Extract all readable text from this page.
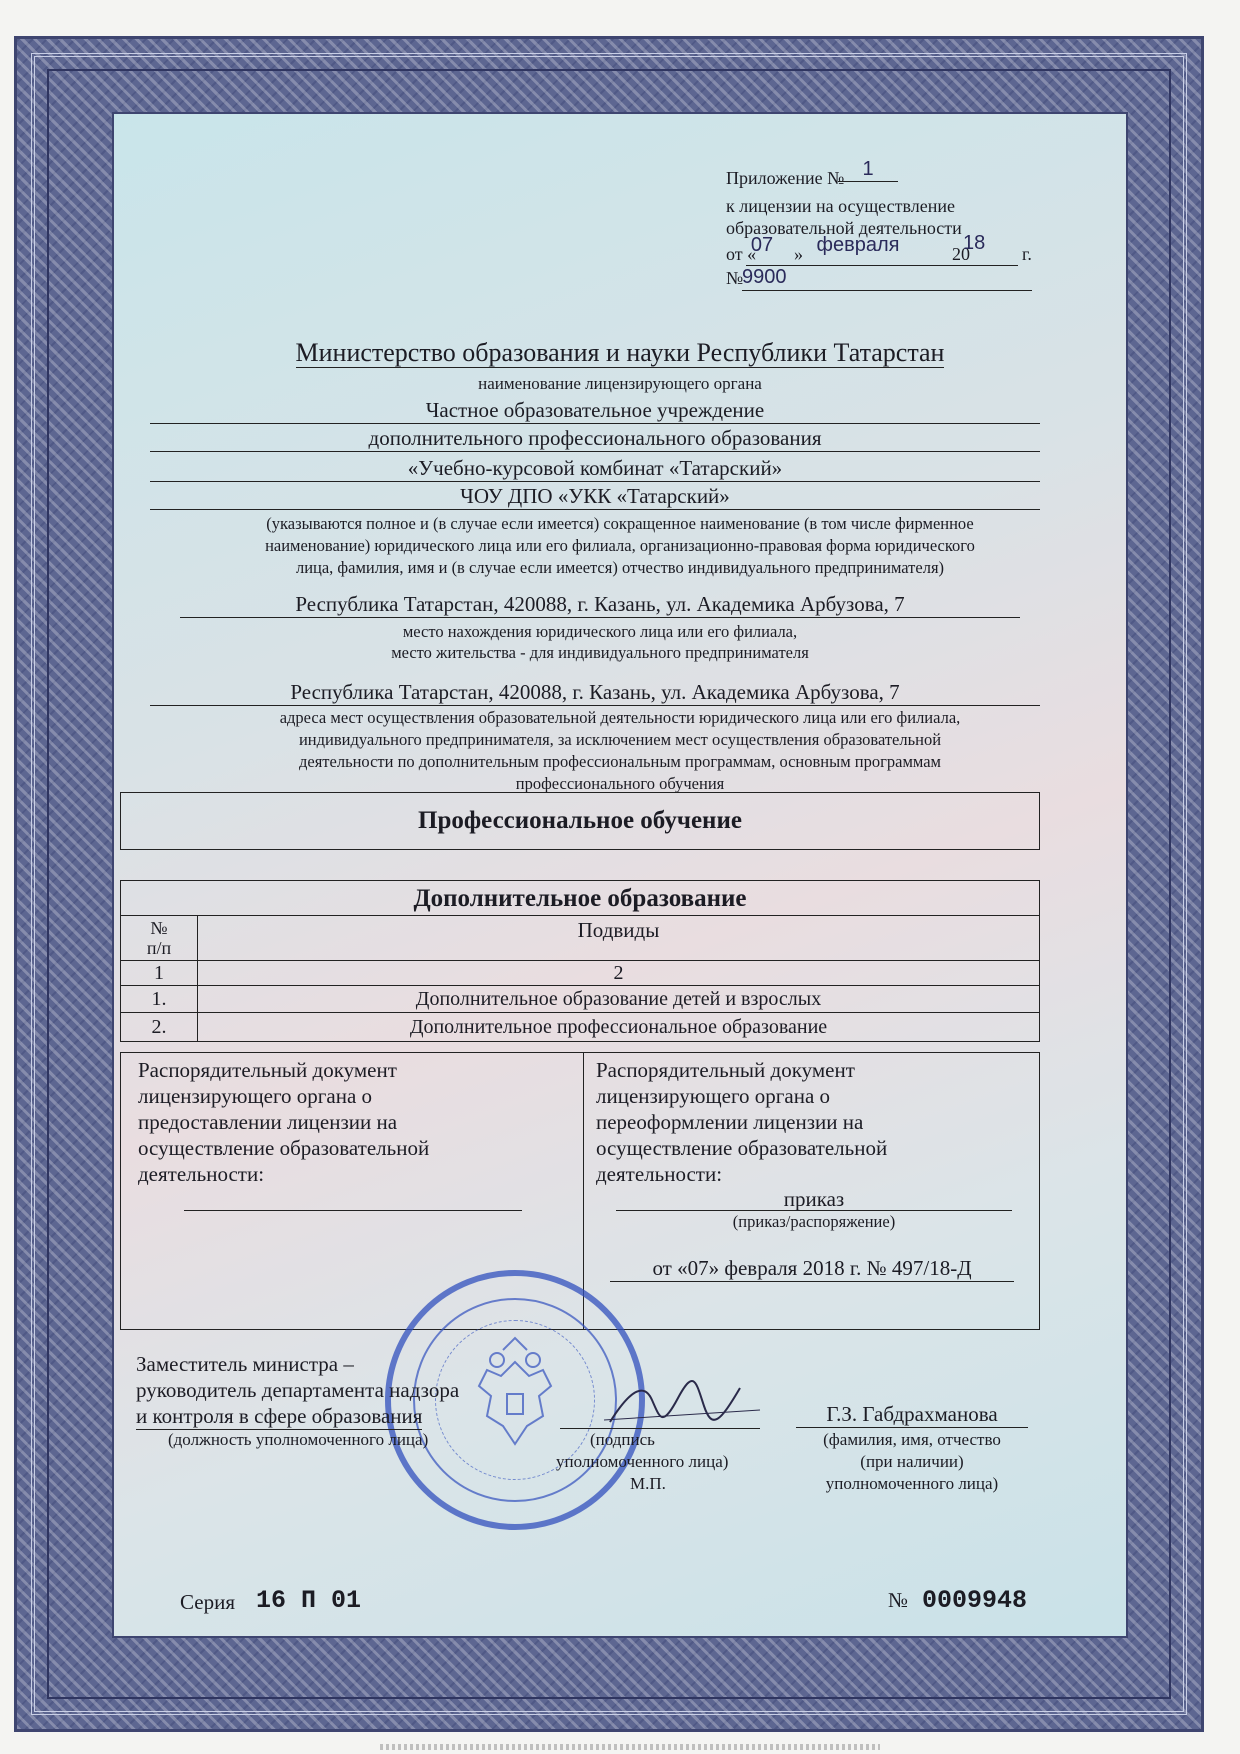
Приложение № 1
к лицензии на осуществление
образовательной деятельности
от «
07 » февраля	20
18 г.
№
9900
Министерство образования и науки Республики Татарстан
наименование лицензирующего органа
Частное образовательное учреждение
дополнительного профессионального образования
«Учебно-курсовой комбинат «Татарский»
ЧОУ ДПО «УКК «Татарский»
(указываются полное и (в случае если имеется) сокращенное наименование (в том числе фирменное
наименование) юридического лица или его филиала, организационно-правовая форма юридического
лица, фамилия, имя и (в случае если имеется) отчество индивидуального предпринимателя)
Республика Татарстан, 420088, г. Казань, ул. Академика Арбузова, 7
место нахождения юридического лица или его филиала,
место жительства - для индивидуального предпринимателя
Республика Татарстан, 420088, г. Казань, ул. Академика Арбузова, 7
адреса мест осуществления образовательной деятельности юридического лица или его филиала,
индивидуального предпринимателя, за исключением мест осуществления образовательной
деятельности по дополнительным профессиональным программам, основным программам
профессионального обучения
Профессиональное обучение
Дополнительное образование
№
п/п
Подвиды
1	2
1.	Дополнительное образование детей и взрослых
2.	Дополнительное профессиональное образование
Распорядительный документ
лицензирующего органа о
предоставлении лицензии на
осуществление образовательной
деятельности:
Распорядительный документ
лицензирующего органа о
переоформлении лицензии на
осуществление образовательной
деятельности:
приказ
(приказ/распоряжение)
от «07» февраля 2018 г. № 497/18-Д
Заместитель министра –
руководитель департамента надзора
и контроля в сфере образования
(должность уполномоченного лица)	(подпись
уполномоченного лица)
М.П.
Г.З. Габдрахманова
(фамилия, имя, отчество
(при наличии)
уполномоченного лица)
Серия 16 П 01	№ 0009948
